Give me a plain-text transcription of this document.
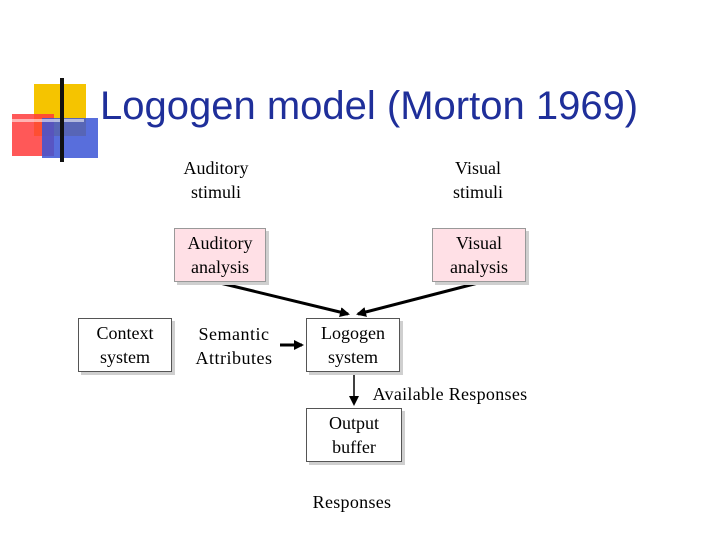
Logogen model (Morton 1969)
Auditory stimuli
Visual stimuli
Auditory analysis
Visual analysis
Context system
Semantic Attributes
Logogen system
Available Responses
Output buffer
Responses
